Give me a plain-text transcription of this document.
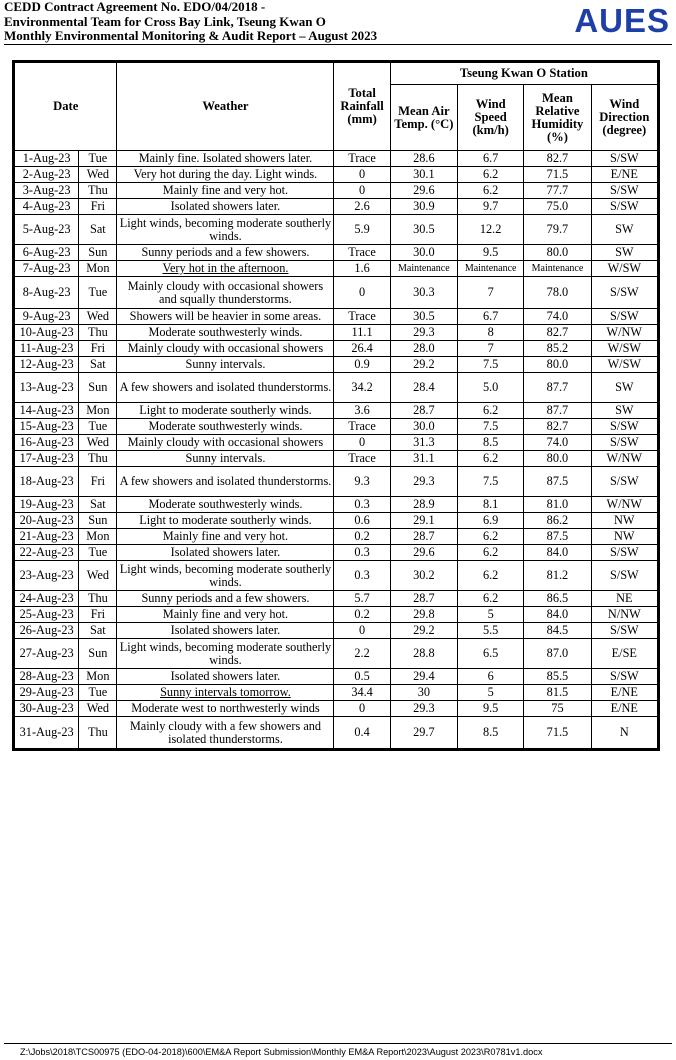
CEDD Contract Agreement No. EDO/04/2018 -
Environmental Team for Cross Bay Link, Tseung Kwan O
Monthly Environmental Monitoring & Audit Report – August 2023	AUES
Date		Weather	Total Rainfall (mm)	Tseung Kwan O Station			
				Mean Air Temp. (°C)	Wind Speed (km/h)	Mean Relative Humidity (%)	Wind Direction (degree)
1-Aug-23	Tue	Mainly fine. Isolated showers later.	Trace	28.6	6.7	82.7	S/SW
2-Aug-23	Wed	Very hot during the day. Light winds.	0	30.1	6.2	71.5	E/NE
3-Aug-23	Thu	Mainly fine and very hot.	0	29.6	6.2	77.7	S/SW
4-Aug-23	Fri	Isolated showers later.	2.6	30.9	9.7	75.0	S/SW
5-Aug-23	Sat	Light winds, becoming moderate southerly winds.	5.9	30.5	12.2	79.7	SW
6-Aug-23	Sun	Sunny periods and a few showers.	Trace	30.0	9.5	80.0	SW
7-Aug-23	Mon	Very hot in the afternoon.	1.6	Maintenance	Maintenance	Maintenance	W/SW
8-Aug-23	Tue	Mainly cloudy with occasional showers and squally thunderstorms.	0	30.3	7	78.0	S/SW
9-Aug-23	Wed	Showers will be heavier in some areas.	Trace	30.5	6.7	74.0	S/SW
10-Aug-23	Thu	Moderate southwesterly winds.	11.1	29.3	8	82.7	W/NW
11-Aug-23	Fri	Mainly cloudy with occasional showers	26.4	28.0	7	85.2	W/SW
12-Aug-23	Sat	Sunny intervals.	0.9	29.2	7.5	80.0	W/SW
13-Aug-23	Sun	A few showers and isolated thunderstorms.	34.2	28.4	5.0	87.7	SW
14-Aug-23	Mon	Light to moderate southerly winds.	3.6	28.7	6.2	87.7	SW
15-Aug-23	Tue	Moderate southwesterly winds.	Trace	30.0	7.5	82.7	S/SW
16-Aug-23	Wed	Mainly cloudy with occasional showers	0	31.3	8.5	74.0	S/SW
17-Aug-23	Thu	Sunny intervals.	Trace	31.1	6.2	80.0	W/NW
18-Aug-23	Fri	A few showers and isolated thunderstorms.	9.3	29.3	7.5	87.5	S/SW
19-Aug-23	Sat	Moderate southwesterly winds.	0.3	28.9	8.1	81.0	W/NW
20-Aug-23	Sun	Light to moderate southerly winds.	0.6	29.1	6.9	86.2	NW
21-Aug-23	Mon	Mainly fine and very hot.	0.2	28.7	6.2	87.5	NW
22-Aug-23	Tue	Isolated showers later.	0.3	29.6	6.2	84.0	S/SW
23-Aug-23	Wed	Light winds, becoming moderate southerly winds.	0.3	30.2	6.2	81.2	S/SW
24-Aug-23	Thu	Sunny periods and a few showers.	5.7	28.7	6.2	86.5	NE
25-Aug-23	Fri	Mainly fine and very hot.	0.2	29.8	5	84.0	N/NW
26-Aug-23	Sat	Isolated showers later.	0	29.2	5.5	84.5	S/SW
27-Aug-23	Sun	Light winds, becoming moderate southerly winds.	2.2	28.8	6.5	87.0	E/SE
28-Aug-23	Mon	Isolated showers later.	0.5	29.4	6	85.5	S/SW
29-Aug-23	Tue	Sunny intervals tomorrow.	34.4	30	5	81.5	E/NE
30-Aug-23	Wed	Moderate west to northwesterly winds	0	29.3	9.5	75	E/NE
31-Aug-23	Thu	Mainly cloudy with a few showers and isolated thunderstorms.	0.4	29.7	8.5	71.5	N
Z:\Jobs\2018\TCS00975 (EDO-04-2018)\600\EM&A Report Submission\Monthly EM&A Report\2023\August 2023\R0781v1.docx
